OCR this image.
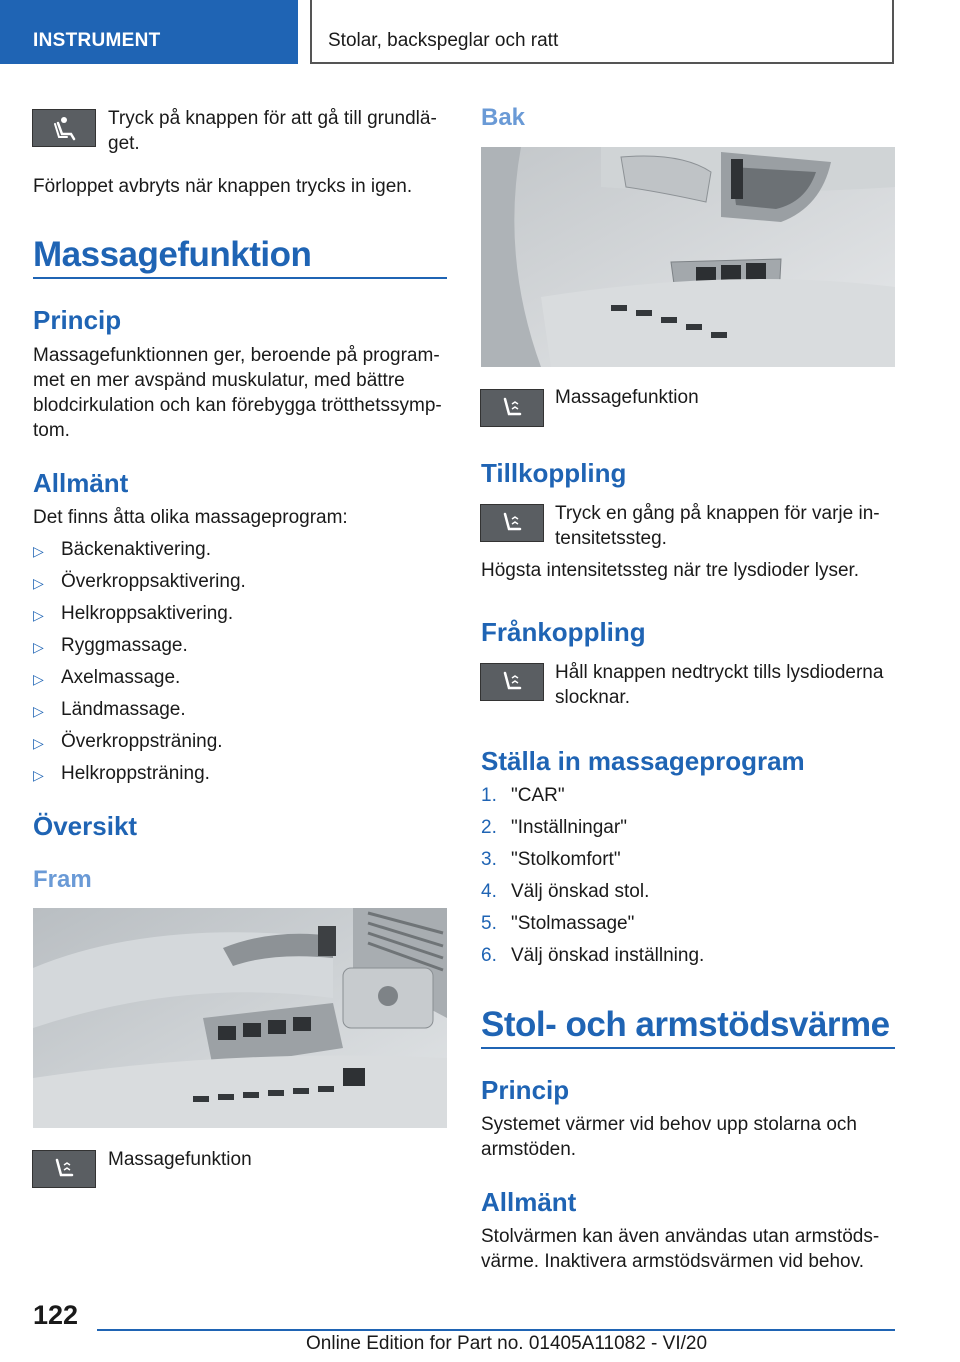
INSTRUMENT	Stolar, backspeglar och ratt
Tryck på knappen för att gå till grundlä-
get.
Förloppet avbryts när knappen trycks in igen.
Massagefunktion
Princip
Massagefunktionnen ger, beroende på program-
met en mer avspänd muskulatur, med bättre
blodcirkulation och kan förebygga trötthetssymp-
tom.
Allmänt
Det finns åtta olika massageprogram:
▷ Bäckenaktivering.
▷ Överkroppsaktivering.
▷ Helkroppsaktivering.
▷ Ryggmassage.
▷ Axelmassage.
▷ Ländmassage.
▷ Överkroppsträning.
▷ Helkroppsträning.
Översikt
Fram
Massagefunktion
Bak
Massagefunktion
Tillkoppling
Tryck en gång på knappen för varje in-
tensitetssteg.
Högsta intensitetssteg när tre lysdioder lyser.
Frånkoppling
Håll knappen nedtryckt tills lysdioderna
slocknar.
Ställa in massageprogram
1. "CAR"
2. "Inställningar"
3. "Stolkomfort"
4. Välj önskad stol.
5. "Stolmassage"
6. Välj önskad inställning.
Stol- och armstödsvärme
Princip
Systemet värmer vid behov upp stolarna och
armstöden.
Allmänt
Stolvärmen kan även användas utan armstöds-
värme. Inaktivera armstödsvärmen vid behov.
122
Online Edition for Part no. 01405A11082 - VI/20
